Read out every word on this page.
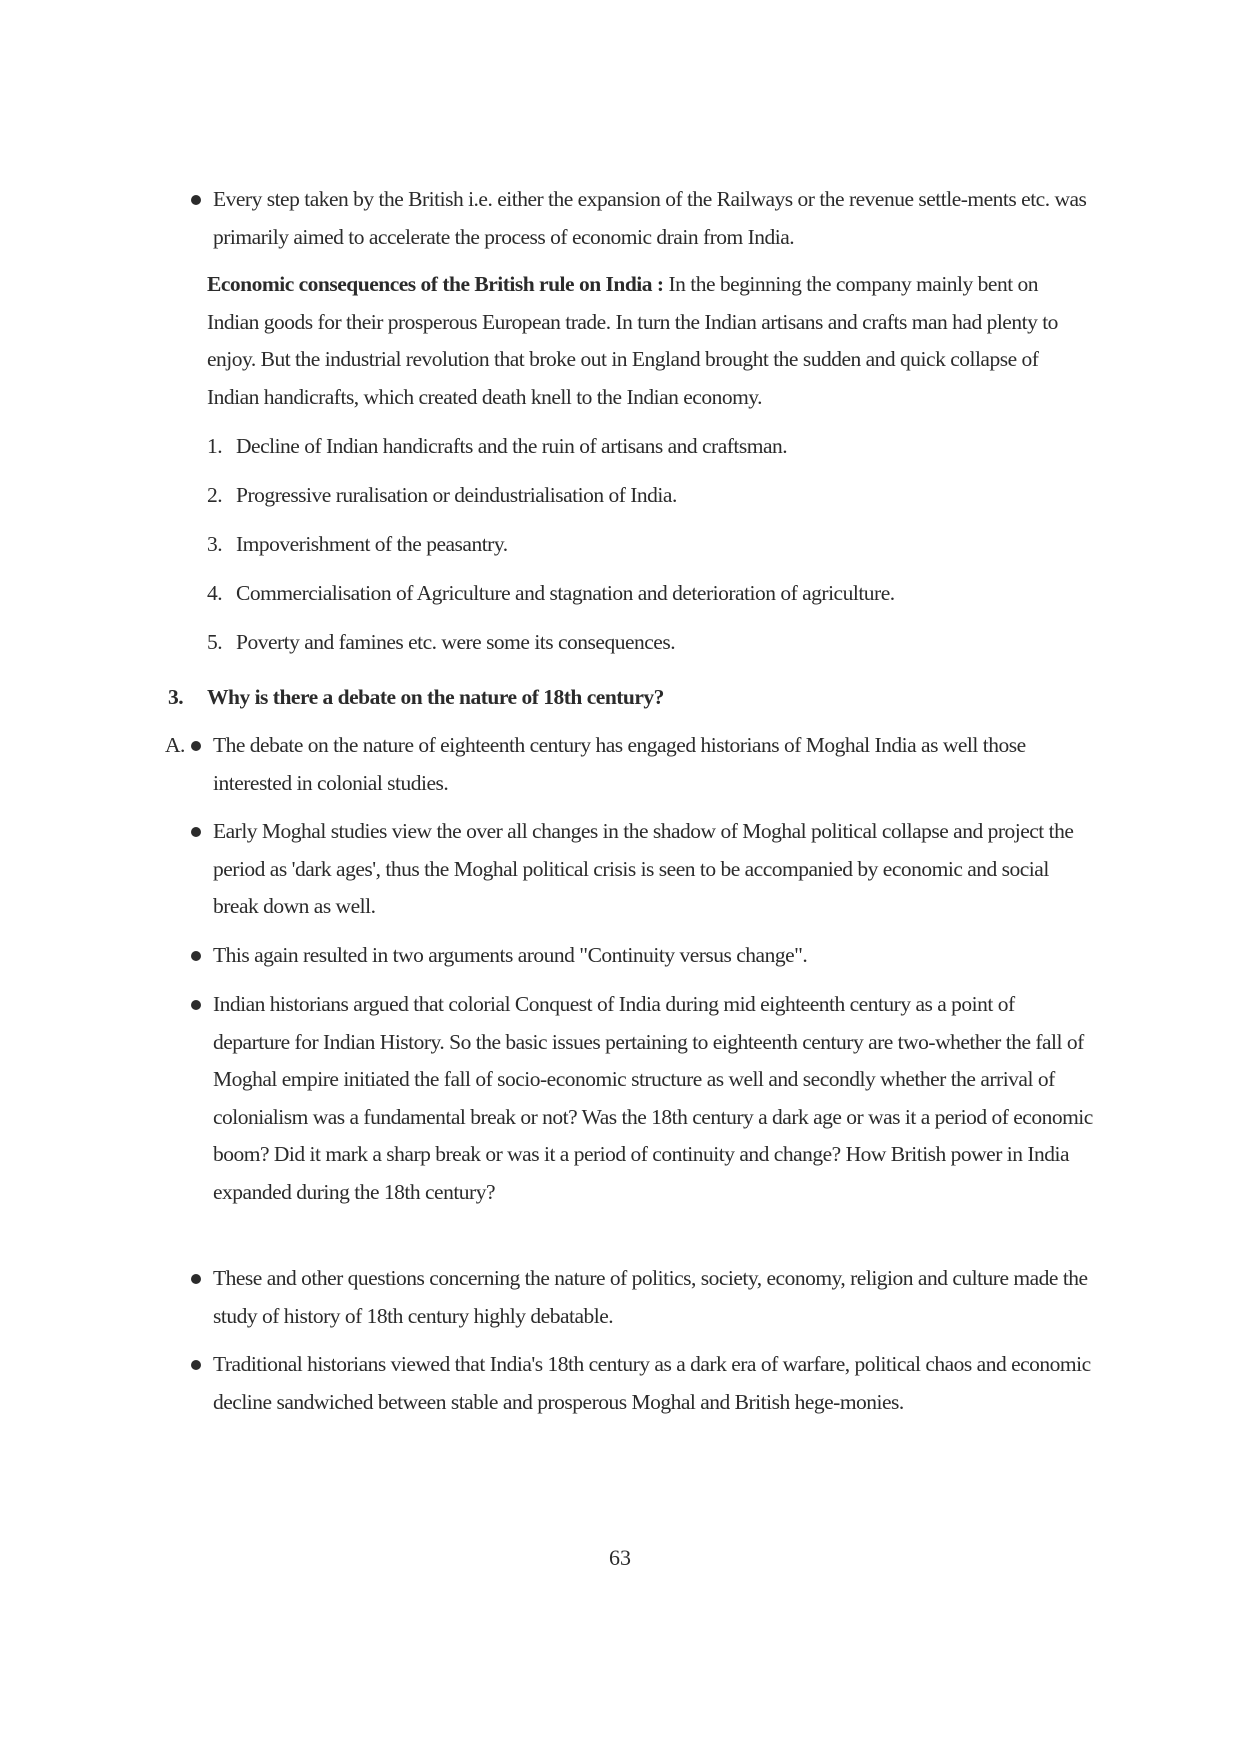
Every step taken by the British i.e. either the expansion of the Railways or the revenue settle-ments etc. was primarily aimed to accelerate the process of economic drain from India.
Economic consequences of the British rule on India : In the beginning the company mainly bent on Indian goods for their prosperous European trade. In turn the Indian artisans and crafts man had plenty to enjoy. But the industrial revolution that broke out in England brought the sudden and quick collapse of Indian handicrafts, which created death knell to the Indian economy.
1. Decline of Indian handicrafts and the ruin of artisans and craftsman.
2. Progressive ruralisation or deindustrialisation of India.
3. Impoverishment of the peasantry.
4. Commercialisation of Agriculture and stagnation and deterioration of agriculture.
5. Poverty and famines etc. were some its consequences.
3. Why is there a debate on the nature of 18th century?
A. The debate on the nature of eighteenth century has engaged historians of Moghal India as well those interested in colonial studies.
Early Moghal studies view the over all changes in the shadow of Moghal political collapse and project the period as 'dark ages', thus the Moghal political crisis is seen to be accompanied by economic and social break down as well.
This again resulted in two arguments around "Continuity versus change".
Indian historians argued that colorial Conquest of India during mid eighteenth century as a point of departure for Indian History. So the basic issues pertaining to eighteenth century are two-whether the fall of Moghal empire initiated the fall of socio-economic structure as well and secondly whether the arrival of colonialism was a fundamental break or not? Was the 18th century a dark age or was it a period of economic boom? Did it mark a sharp break or was it a period of continuity and change? How British power in India expanded during the 18th century?
These and other questions concerning the nature of politics, society, economy, religion and culture made the study of history of 18th century highly debatable.
Traditional historians viewed that India's 18th century as a dark era of warfare, political chaos and economic decline sandwiched between stable and prosperous Moghal and British hege-monies.
63
